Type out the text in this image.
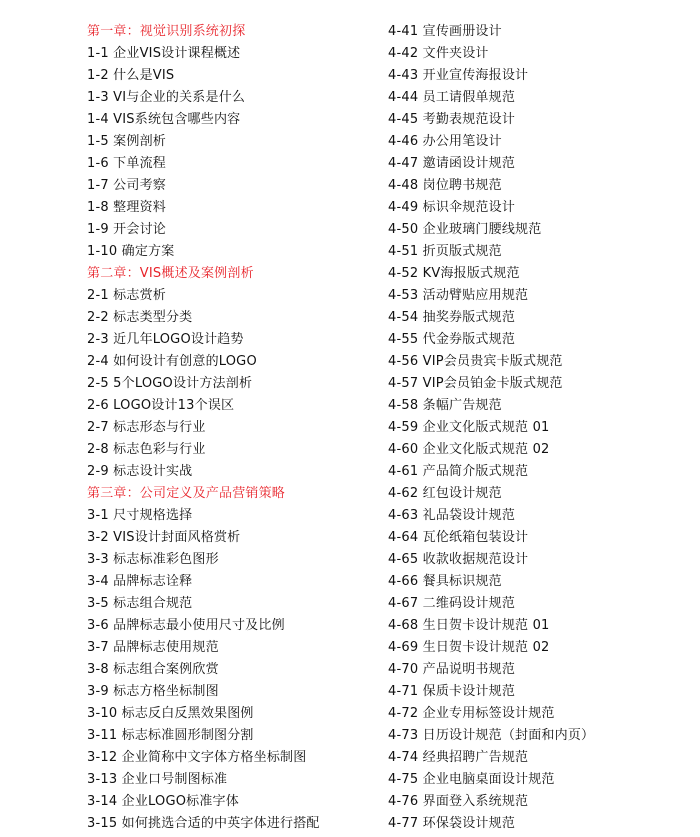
第一章：视觉识别系统初探
1-1 企业VIS设计课程概述
1-2 什么是VIS
1-3 VI与企业的关系是什么
1-4 VIS系统包含哪些内容
1-5 案例剖析
1-6 下单流程
1-7 公司考察
1-8 整理资料
1-9 开会讨论
1-10 确定方案
第二章：VIS概述及案例剖析
2-1 标志赏析
2-2 标志类型分类
2-3 近几年LOGO设计趋势
2-4 如何设计有创意的LOGO
2-5 5个LOGO设计方法剖析
2-6 LOGO设计13个误区
2-7 标志形态与行业
2-8 标志色彩与行业
2-9 标志设计实战
第三章：公司定义及产品营销策略
3-1 尺寸规格选择
3-2 VIS设计封面风格赏析
3-3 标志标准彩色图形
3-4 品牌标志诠释
3-5 标志组合规范
3-6 品牌标志最小使用尺寸及比例
3-7 品牌标志使用规范
3-8 标志组合案例欣赏
3-9 标志方格坐标制图
3-10 标志反白反黑效果图例
3-11 标志标准圆形制图分割
3-12 企业简称中文字体方格坐标制图
3-13 企业口号制图标准
3-14 企业LOGO标准字体
3-15 如何挑选合适的中英字体进行搭配
4-41 宣传画册设计
4-42 文件夹设计
4-43 开业宣传海报设计
4-44 员工请假单规范
4-45 考勤表规范设计
4-46 办公用笔设计
4-47 邀请函设计规范
4-48 岗位聘书规范
4-49 标识伞规范设计
4-50 企业玻璃门腰线规范
4-51 折页版式规范
4-52 KV海报版式规范
4-53 活动臂贴应用规范
4-54 抽奖券版式规范
4-55 代金券版式规范
4-56 VIP会员贵宾卡版式规范
4-57 VIP会员铂金卡版式规范
4-58 条幅广告规范
4-59 企业文化版式规范 01
4-60 企业文化版式规范 02
4-61 产品简介版式规范
4-62 红包设计规范
4-63 礼品袋设计规范
4-64 瓦伦纸箱包装设计
4-65 收款收据规范设计
4-66 餐具标识规范
4-67 二维码设计规范
4-68 生日贺卡设计规范 01
4-69 生日贺卡设计规范 02
4-70 产品说明书规范
4-71 保质卡设计规范
4-72 企业专用标签设计规范
4-73 日历设计规范（封面和内页）
4-74 经典招聘广告规范
4-75 企业电脑桌面设计规范
4-76 界面登入系统规范
4-77 环保袋设计规范
